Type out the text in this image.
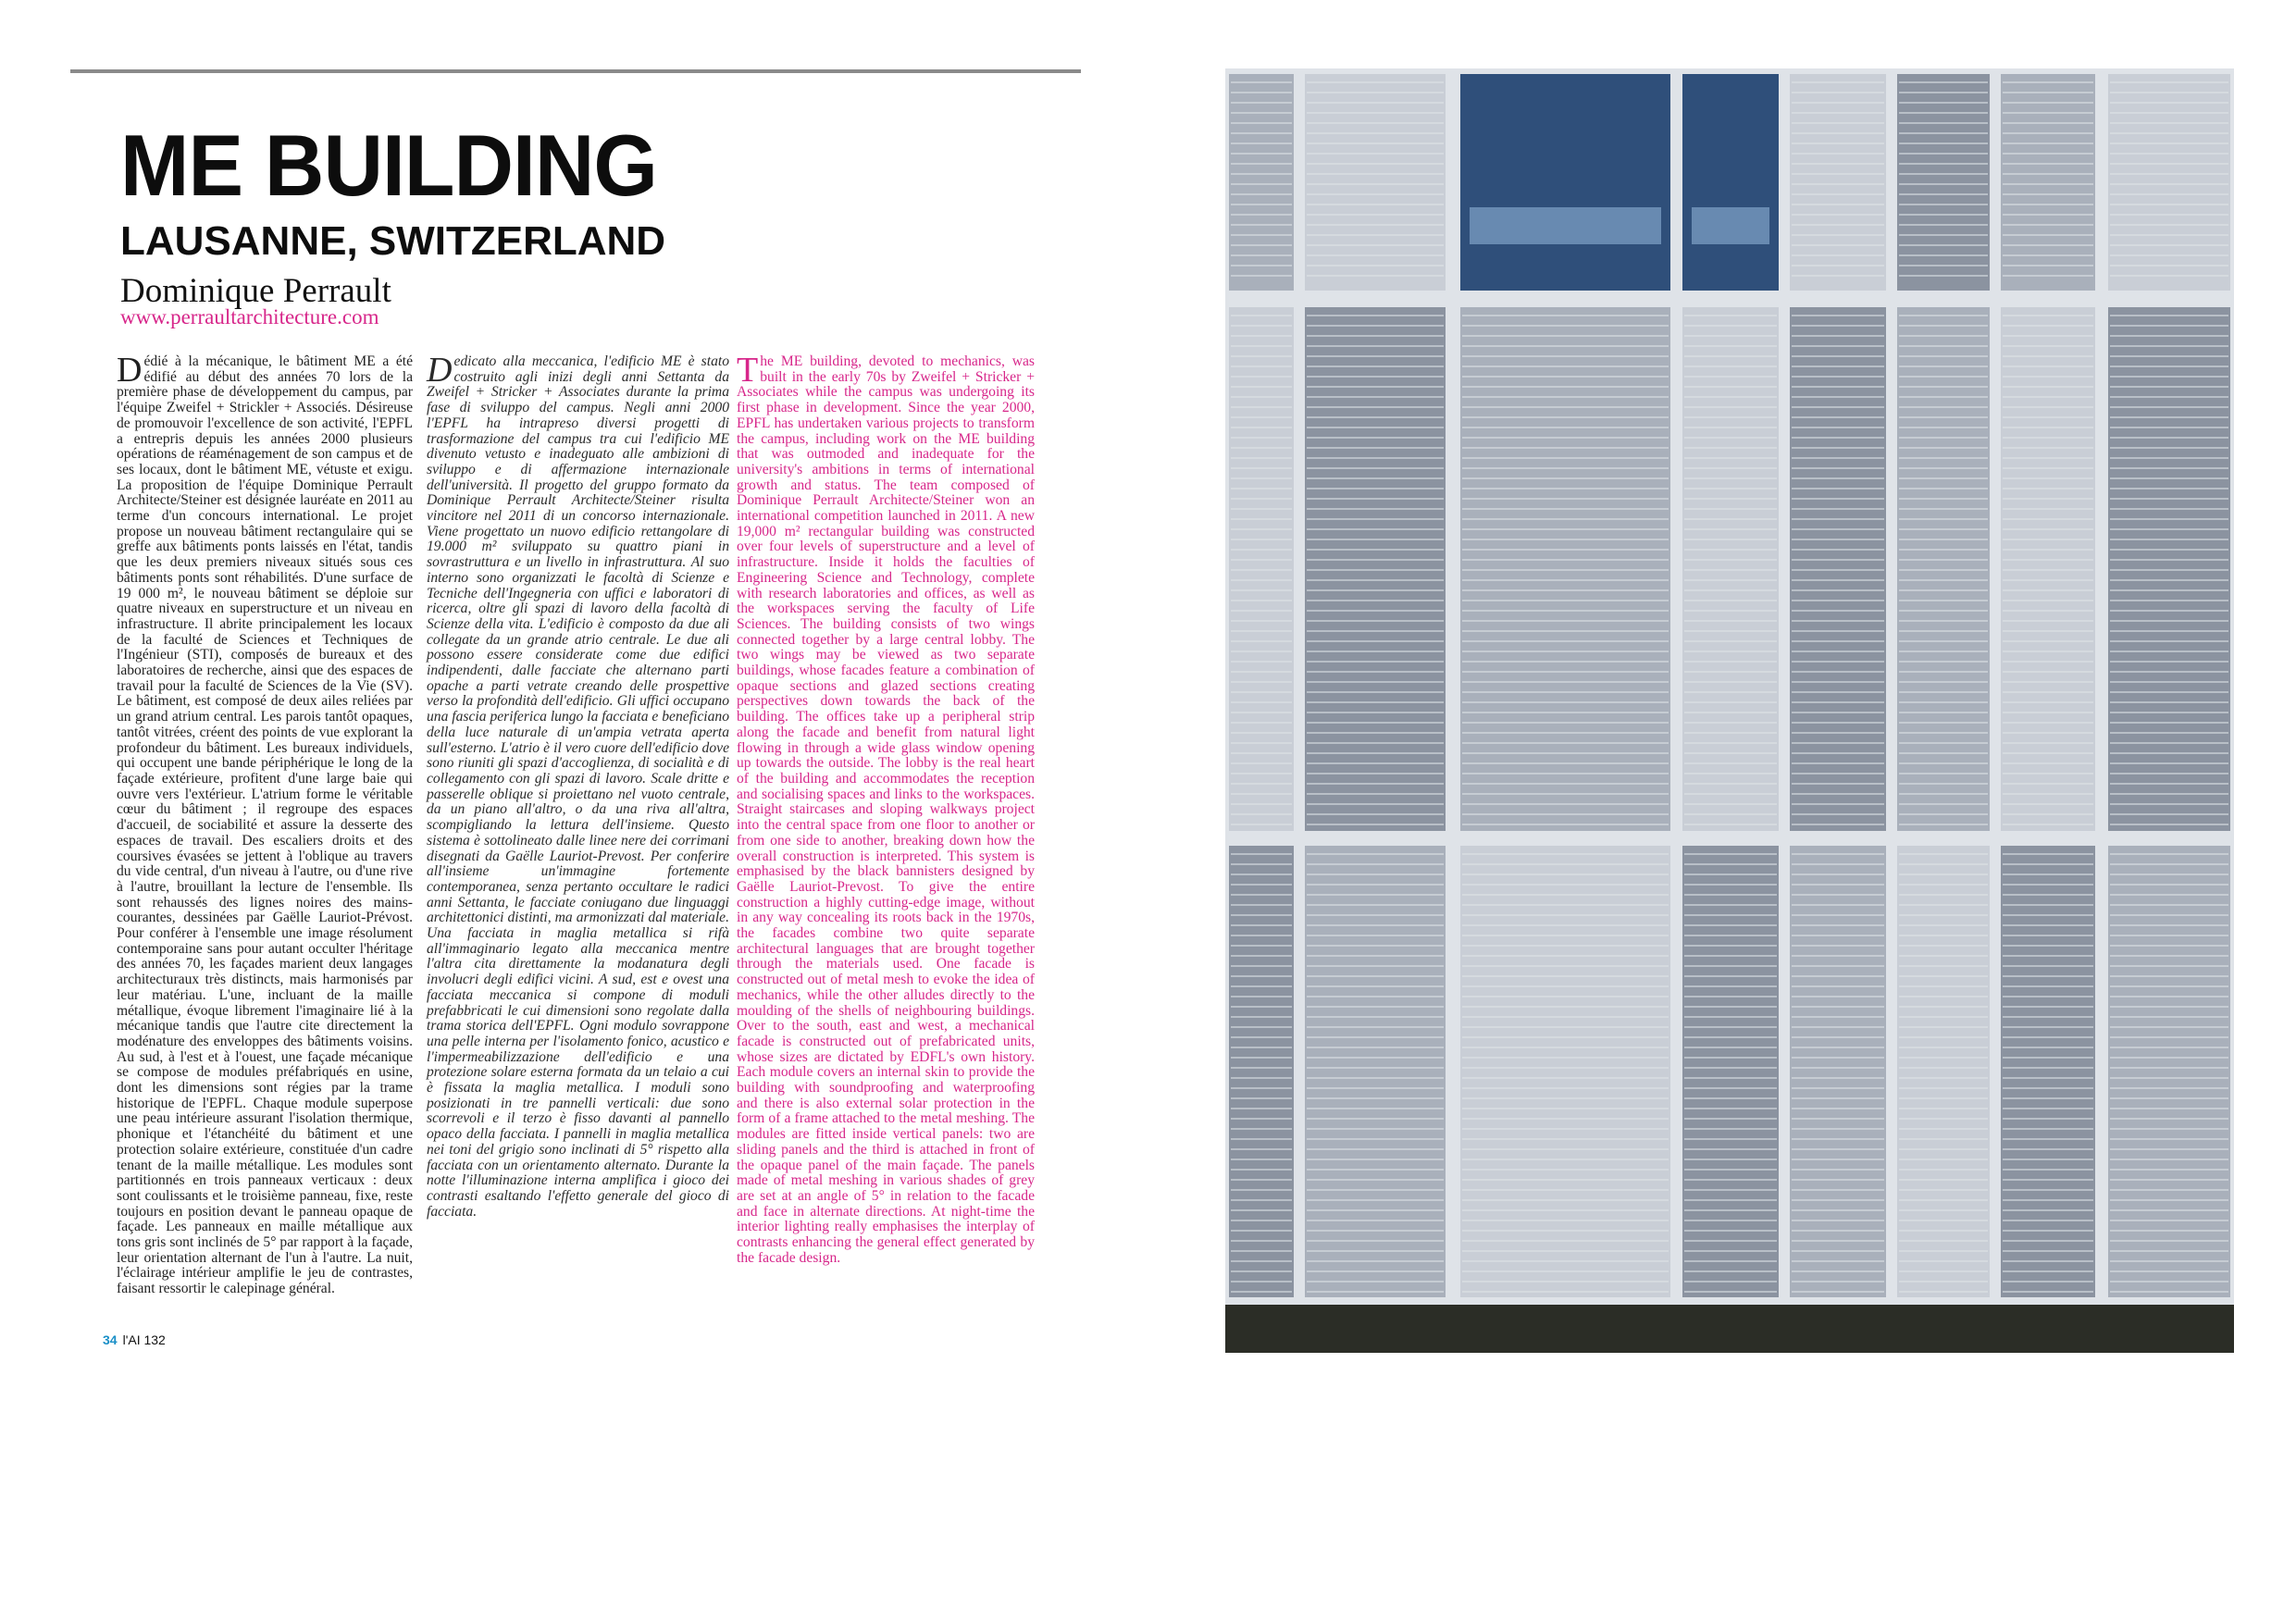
ME BUILDING
LAUSANNE, SWITZERLAND
Dominique Perrault
www.perraultarchitecture.com

Dédié à la mécanique, le bâtiment ME a été édifié au début des années 70 lors de la première phase de développement du campus, par l'équipe Zweifel + Strickler + Associés. Désireuse de promouvoir l'excellence de son activité, l'EPFL a entrepris depuis les années 2000 plusieurs opérations de réaménagement de son campus et de ses locaux, dont le bâtiment ME, vétuste et exigu. La proposition de l'équipe Dominique Perrault Architecte/Steiner est désignée lauréate en 2011 au terme d'un concours international. Le projet propose un nouveau bâtiment rectangulaire qui se greffe aux bâtiments ponts laissés en l'état, tandis que les deux premiers niveaux situés sous ces bâtiments ponts sont réhabilités. D'une surface de 19 000 m², le nouveau bâtiment se déploie sur quatre niveaux en superstructure et un niveau en infrastructure. Il abrite principalement les locaux de la faculté de Sciences et Techniques de l'Ingénieur (STI), composés de bureaux et des laboratoires de recherche, ainsi que des espaces de travail pour la faculté de Sciences de la Vie (SV). Le bâtiment, est composé de deux ailes reliées par un grand atrium central. Les parois tantôt opaques, tantôt vitrées, créent des points de vue explorant la profondeur du bâtiment. Les bureaux individuels, qui occupent une bande périphérique le long de la façade extérieure, profitent d'une large baie qui ouvre vers l'extérieur. L'atrium forme le véritable cœur du bâtiment ; il regroupe des espaces d'accueil, de sociabilité et assure la desserte des espaces de travail. Des escaliers droits et des coursives évasées se jettent à l'oblique au travers du vide central, d'un niveau à l'autre, ou d'une rive à l'autre, brouillant la lecture de l'ensemble. Ils sont rehaussés des lignes noires des mains-courantes, dessinées par Gaëlle Lauriot-Prévost. Pour conférer à l'ensemble une image résolument contemporaine sans pour autant occulter l'héritage des années 70, les façades marient deux langages architecturaux très distincts, mais harmonisés par leur matériau. L'une, incluant de la maille métallique, évoque librement l'imaginaire lié à la mécanique tandis que l'autre cite directement la modénature des enveloppes des bâtiments voisins. Au sud, à l'est et à l'ouest, une façade mécanique se compose de modules préfabriqués en usine, dont les dimensions sont régies par la trame historique de l'EPFL. Chaque module superpose une peau intérieure assurant l'isolation thermique, phonique et l'étanchéité du bâtiment et une protection solaire extérieure, constituée d'un cadre tenant de la maille métallique. Les modules sont partitionnés en trois panneaux verticaux : deux sont coulissants et le troisième panneau, fixe, reste toujours en position devant le panneau opaque de façade. Les panneaux en maille métallique aux tons gris sont inclinés de 5° par rapport à la façade, leur orientation alternant de l'un à l'autre. La nuit, l'éclairage intérieur amplifie le jeu de contrastes, faisant ressortir le calepinage général.

Dedicato alla meccanica, l'edificio ME è stato costruito agli inizi degli anni Settanta da Zweifel + Stricker + Associates durante la prima fase di sviluppo del campus. Negli anni 2000 l'EPFL ha intrapreso diversi progetti di trasformazione del campus tra cui l'edificio ME divenuto vetusto e inadeguato alle ambizioni di sviluppo e di affermazione internazionale dell'università. Il progetto del gruppo formato da Dominique Perrault Architecte/Steiner risulta vincitore nel 2011 di un concorso internazionale. Viene progettato un nuovo edificio rettangolare di 19.000 m² sviluppato su quattro piani in sovrastruttura e un livello in infrastruttura. Al suo interno sono organizzati le facoltà di Scienze e Tecniche dell'Ingegneria con uffici e laboratori di ricerca, oltre gli spazi di lavoro della facoltà di Scienze della vita. L'edificio è composto da due ali collegate da un grande atrio centrale. Le due ali possono essere considerate come due edifici indipendenti, dalle facciate che alternano parti opache a parti vetrate creando delle prospettive verso la profondità dell'edificio. Gli uffici occupano una fascia periferica lungo la facciata e beneficiano della luce naturale di un'ampia vetrata aperta sull'esterno. L'atrio è il vero cuore dell'edificio dove sono riuniti gli spazi d'accoglienza, di socialità e di collegamento con gli spazi di lavoro. Scale dritte e passerelle oblique si proiettano nel vuoto centrale, da un piano all'altro, o da una riva all'altra, scompigliando la lettura dell'insieme. Questo sistema è sottolineato dalle linee nere dei corrimani disegnati da Gaëlle Lauriot-Prevost. Per conferire all'insieme un'immagine fortemente contemporanea, senza pertanto occultare le radici anni Settanta, le facciate coniugano due linguaggi architettonici distinti, ma armonizzati dal materiale. Una facciata in maglia metallica si rifà all'immaginario legato alla meccanica mentre l'altra cita direttamente la modanatura degli involucri degli edifici vicini. A sud, est e ovest una facciata meccanica si compone di moduli prefabbricati le cui dimensioni sono regolate dalla trama storica dell'EPFL. Ogni modulo sovrappone una pelle interna per l'isolamento fonico, acustico e l'impermeabilizzazione dell'edificio e una protezione solare esterna formata da un telaio a cui è fissata la maglia metallica. I moduli sono posizionati in tre pannelli verticali: due sono scorrevoli e il terzo è fisso davanti al pannello opaco della facciata. I pannelli in maglia metallica nei toni del grigio sono inclinati di 5° rispetto alla facciata con un orientamento alternato. Durante la notte l'illuminazione interna amplifica i gioco dei contrasti esaltando l'effetto generale del gioco di facciata.

The ME building, devoted to mechanics, was built in the early 70s by Zweifel + Stricker + Associates while the campus was undergoing its first phase in development. Since the year 2000, EPFL has undertaken various projects to transform the campus, including work on the ME building that was outmoded and inadequate for the university's ambitions in terms of international growth and status. The team composed of Dominique Perrault Architecte/Steiner won an international competition launched in 2011. A new 19,000 m² rectangular building was constructed over four levels of superstructure and a level of infrastructure. Inside it holds the faculties of Engineering Science and Technology, complete with research laboratories and offices, as well as the workspaces serving the faculty of Life Sciences. The building consists of two wings connected together by a large central lobby. The two wings may be viewed as two separate buildings, whose facades feature a combination of opaque sections and glazed sections creating perspectives down towards the back of the building. The offices take up a peripheral strip along the facade and benefit from natural light flowing in through a wide glass window opening up towards the outside. The lobby is the real heart of the building and accommodates the reception and socialising spaces and links to the workspaces. Straight staircases and sloping walkways project into the central space from one floor to another or from one side to another, breaking down how the overall construction is interpreted. This system is emphasised by the black bannisters designed by Gaëlle Lauriot-Prevost. To give the entire construction a highly cutting-edge image, without in any way concealing its roots back in the 1970s, the facades combine two quite separate architectural languages that are brought together through the materials used. One facade is constructed out of metal mesh to evoke the idea of mechanics, while the other alludes directly to the moulding of the shells of neighbouring buildings. Over to the south, east and west, a mechanical facade is constructed out of prefabricated units, whose sizes are dictated by EDFL's own history. Each module covers an internal skin to provide the building with soundproofing and waterproofing and there is also external solar protection in the form of a frame attached to the metal meshing. The modules are fitted inside vertical panels: two are sliding panels and the third is attached in front of the opaque panel of the main façade. The panels made of metal meshing in various shades of grey are set at an angle of 5° in relation to the facade and face in alternate directions. At night-time the interior lighting really emphasises the interplay of contrasts enhancing the general effect generated by the facade design.

34 l'AI 132
